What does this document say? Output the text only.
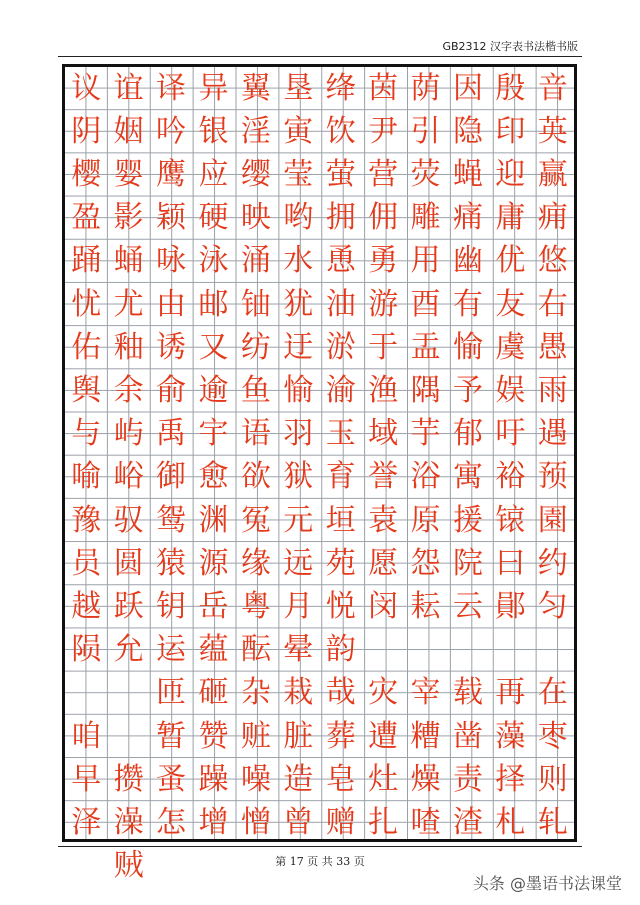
GB2312 汉字表书法楷书版
音
英
赢
痈
悠
右
愚
雨
遇
预
園
约
匀
在
枣
则
轧
殷
印
迎
庸
优
友
虞
娱
吁
裕
锿
曰
鄖
再
藻
择
札
因
隐
蝇
痛
幽
有
愉
予
郁
寓
援
院
云
载
凿
责
渣
荫
引
荧
雕
用
酉
盂
隅
芋
浴
原
怨
耘
宰
糟
燥
喳
茵
尹
营
佣
勇
游
于
渔
域
誉
袁
愿
闵
灾
遭
灶
扎
绛
饮
萤
拥
恿
油
淤
渝
玉
育
垣
苑
悦
韵
哉
葬
皂
赠
垦
寅
莹
哟
水
犹
迂
愉
羽
狱
元
远
月
晕
栽
脏
造
曾
翼
淫
缨
映
涌
铀
纺
鱼
语
欲
冤
缘
粤
酝
杂
赃
噪
憎
异
银
应
硬
泳
邮
又
逾
宇
愈
渊
源
岳
蕴
砸
赞
躁
增
译
吟
鹰
颖
咏
由
诱
俞
禹
御
鸳
猿
钥
运
匝
暂
蚤
怎
谊
姻
婴
影
蛹
尤
釉
余
屿
峪
驭
圆
跃
允
攒
澡
贼
议
阴
樱
盈
踊
忧
佑
舆
与
喻
豫
员
越
陨
咱
早
泽
第 17 页 共 33 页
头条 @墨语书法课堂
